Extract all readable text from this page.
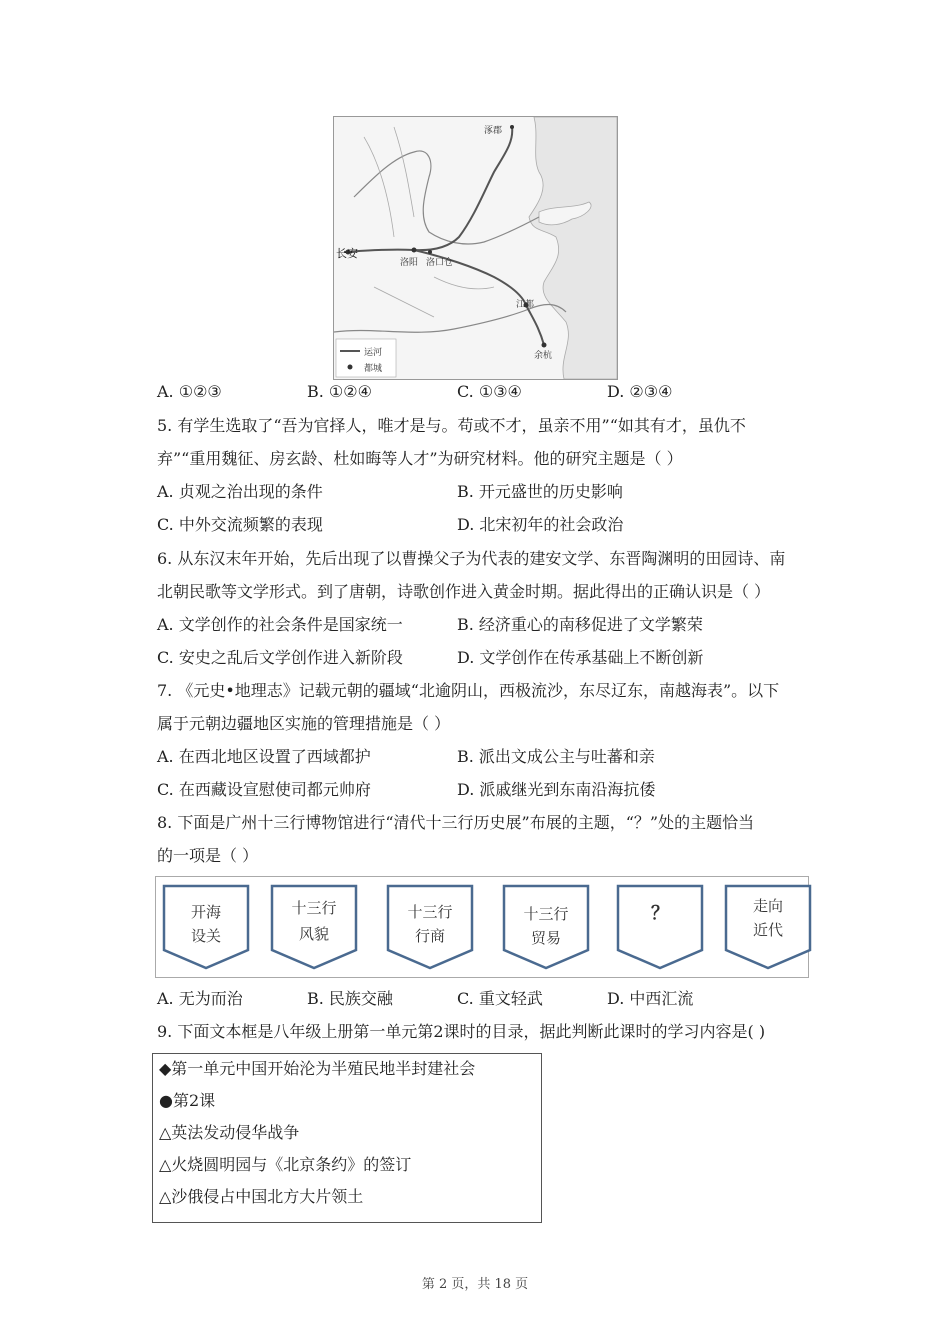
长安
洛阳 洛口仓
江都
余杭
涿郡
运河
都城
A. ①②③	B. ①②④	C. ①③④	D. ②③④
5. 有学生选取了“吾为官择人，唯才是与。苟或不才，虽亲不用”“如其有才，虽仇不
弃”“重用魏征、房玄龄、杜如晦等人才”为研究材料。他的研究主题是（ ）
A. 贞观之治出现的条件	B. 开元盛世的历史影响
C. 中外交流频繁的表现	D. 北宋初年的社会政治
6. 从东汉末年开始，先后出现了以曹操父子为代表的建安文学、东晋陶渊明的田园诗、南
北朝民歌等文学形式。到了唐朝，诗歌创作进入黄金时期。据此得出的正确认识是（ ）
A. 文学创作的社会条件是国家统一	B. 经济重心的南移促进了文学繁荣
C. 安史之乱后文学创作进入新阶段	D. 文学创作在传承基础上不断创新
7. 《元史•地理志》记载元朝的疆域“北逾阴山，西极流沙，东尽辽东，南越海表”。以下
属于元朝边疆地区实施的管理措施是（ ）
A. 在西北地区设置了西域都护	B. 派出文成公主与吐蕃和亲
C. 在西藏设宣慰使司都元帅府	D. 派戚继光到东南沿海抗倭
8. 下面是广州十三行博物馆进行“清代十三行历史展”布展的主题，“？”处的主题恰当
的一项是（ ）
开海
设关
十三行
风貌
十三行
行商
十三行
贸易
？	走向
近代
A. 无为而治	B. 民族交融	C. 重文轻武	D. 中西汇流
9. 下面文本框是八年级上册第一单元第2课时的目录，据此判断此课时的学习内容是( )
◆第一单元中国开始沦为半殖民地半封建社会
●第2课
△英法发动侵华战争
△火烧圆明园与《北京条约》的签订
△沙俄侵占中国北方大片领土
第 2 页，共 18 页
